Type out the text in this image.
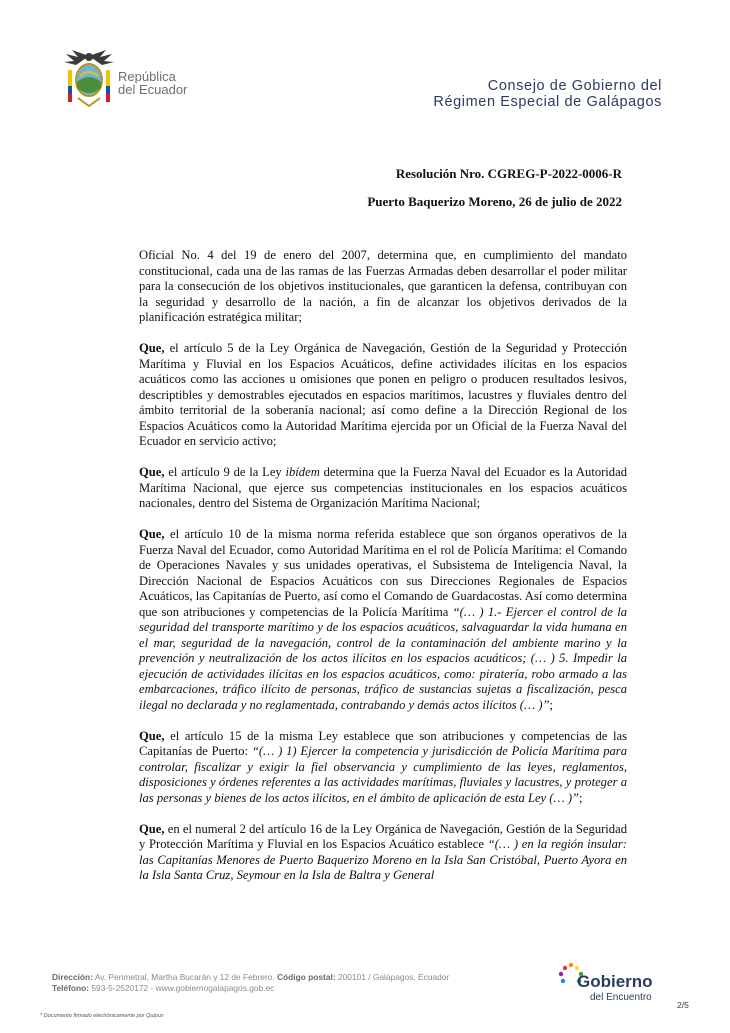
República
del Ecuador	Consejo de Gobierno del
Régimen Especial de Galápagos
Resolución Nro. CGREG-P-2022-0006-R
Puerto Baquerizo Moreno, 26 de julio de 2022

Oficial No. 4 del 19 de enero del 2007, determina que, en cumplimiento del mandato constitucional, cada una de las ramas de las Fuerzas Armadas deben desarrollar el poder militar para la consecución de los objetivos institucionales, que garanticen la defensa, contribuyan con la seguridad y desarrollo de la nación, a fin de alcanzar los objetivos derivados de la planificación estratégica militar;

Que, el artículo 5 de la Ley Orgánica de Navegación, Gestión de la Seguridad y Protección Marítima y Fluvial en los Espacios Acuáticos, define actividades ilícitas en los espacios acuáticos como las acciones u omisiones que ponen en peligro o producen resultados lesivos, descriptibles y demostrables ejecutados en espacios marítimos, lacustres y fluviales dentro del ámbito territorial de la soberanía nacional; así como define a la Dirección Regional de los Espacios Acuáticos como la Autoridad Marítima ejercida por un Oficial de la Fuerza Naval del Ecuador en servicio activo;

Que, el artículo 9 de la Ley ibídem determina que la Fuerza Naval del Ecuador es la Autoridad Marítima Nacional, que ejerce sus competencias institucionales en los espacios acuáticos nacionales, dentro del Sistema de Organización Marítima Nacional;

Que, el artículo 10 de la misma norma referida establece que son órganos operativos de la Fuerza Naval del Ecuador, como Autoridad Marítima en el rol de Policía Marítima: el Comando de Operaciones Navales y sus unidades operativas, el Subsistema de Inteligencia Naval, la Dirección Nacional de Espacios Acuáticos con sus Direcciones Regionales de Espacios Acuáticos, las Capitanías de Puerto, así como el Comando de Guardacostas. Así como determina que son atribuciones y competencias de la Policía Marítima “(… ) 1.- Ejercer el control de la seguridad del transporte marítimo y de los espacios acuáticos, salvaguardar la vida humana en el mar, seguridad de la navegación, control de la contaminación del ambiente marino y la prevención y neutralización de los actos ilícitos en los espacios acuáticos; (… ) 5. Impedir la ejecución de actividades ilícitas en los espacios acuáticos, como: piratería, robo armado a las embarcaciones, tráfico ilícito de personas, tráfico de sustancias sujetas a fiscalización, pesca ilegal no declarada y no reglamentada, contrabando y demás actos ilícitos (… )”;

Que, el artículo 15 de la misma Ley establece que son atribuciones y competencias de las Capitanías de Puerto: “(… ) 1) Ejercer la competencia y jurisdicción de Policía Marítima para controlar, fiscalizar y exigir la fiel observancia y cumplimiento de las leyes, reglamentos, disposiciones y órdenes referentes a las actividades marítimas, fluviales y lacustres, y proteger a las personas y bienes de los actos ilícitos, en el ámbito de aplicación de esta Ley (… )”;

Que, en el numeral 2 del artículo 16 de la Ley Orgánica de Navegación, Gestión de la Seguridad y Protección Marítima y Fluvial en los Espacios Acuático establece “(… ) en la región insular: las Capitanías Menores de Puerto Baquerizo Moreno en la Isla San Cristóbal, Puerto Ayora en la Isla Santa Cruz, Seymour en la Isla de Baltra y General

Dirección: Av. Perimetral, Martha Bucarán y 12 de Febrero. Código postal: 200101 / Galápagos, Ecuador
Teléfono: 593-5-2520172 - www.gobiernogalapagos.gob.ec
* Documento firmado electrónicamente por Quipux
Gobierno
del Encuentro
2/5
